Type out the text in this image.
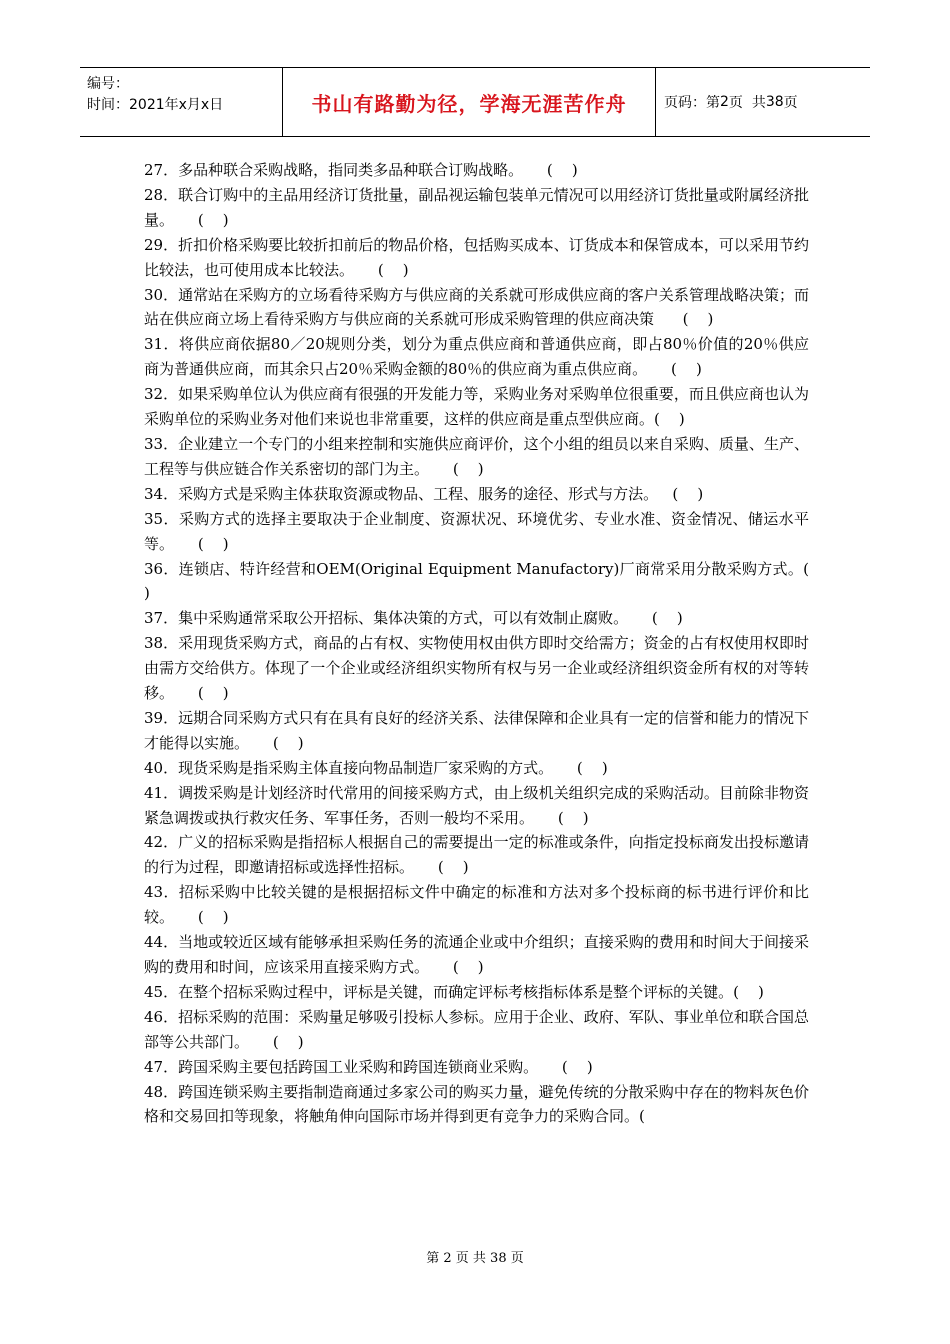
编号：
时间：2021年x月x日	书山有路勤为径，学海无涯苦作舟	页码：第 2 页  共 38 页
27．多品种联合采购战略，指同类多品种联合订购战略。     (    )
28．联合订购中的主品用经济订货批量，副品视运输包装单元情况可以用经济订货批量或附属经济批量。     (    )
29．折扣价格采购要比较折扣前后的物品价格，包括购买成本、订货成本和保管成本，可以采用节约比较法，也可使用成本比较法。     (    )
30．通常站在采购方的立场看待采购方与供应商的关系就可形成供应商的客户关系管理战略决策；而站在供应商立场上看待采购方与供应商的关系就可形成采购管理的供应商决策      (    )
31．将供应商依据80／20规则分类，划分为重点供应商和普通供应商，即占80％价值的20％供应商为普通供应商，而其余只占20％采购金额的80％的供应商为重点供应商。     (    )
32．如果采购单位认为供应商有很强的开发能力等，采购业务对采购单位很重要，而且供应商也认为采购单位的采购业务对他们来说也非常重要，这样的供应商是重点型供应商。(    )
33．企业建立一个专门的小组来控制和实施供应商评价，这个小组的组员以来自采购、质量、生产、工程等与供应链合作关系密切的部门为主。     (    )
34．采购方式是采购主体获取资源或物品、工程、服务的途径、形式与方法。   (    )
35．采购方式的选择主要取决于企业制度、资源状况、环境优劣、专业水准、资金情况、储运水平等。     (    )
36．连锁店、特许经营和OEM(Original Equipment Manufactory)厂商常采用分散采购方式。(    )
37．集中采购通常采取公开招标、集体决策的方式，可以有效制止腐败。     (    )
38．采用现货采购方式，商品的占有权、实物使用权由供方即时交给需方；资金的占有权使用权即时由需方交给供方。体现了一个企业或经济组织实物所有权与另一企业或经济组织资金所有权的对等转移。     (    )
39．远期合同采购方式只有在具有良好的经济关系、法律保障和企业具有一定的信誉和能力的情况下才能得以实施。     (    )
40．现货采购是指采购主体直接向物品制造厂家采购的方式。     (    )
41．调拨采购是计划经济时代常用的间接采购方式，由上级机关组织完成的采购活动。目前除非物资紧急调拨或执行救灾任务、军事任务，否则一般均不采用。     (    )
42．广义的招标采购是指招标人根据自己的需要提出一定的标准或条件，向指定投标商发出投标邀请的行为过程，即邀请招标或选择性招标。     (    )
43．招标采购中比较关键的是根据招标文件中确定的标准和方法对多个投标商的标书进行评价和比较。     (    )
44．当地或较近区域有能够承担采购任务的流通企业或中介组织；直接采购的费用和时间大于间接采购的费用和时间，应该采用直接采购方式。     (    )
45．在整个招标采购过程中，评标是关键，而确定评标考核指标体系是整个评标的关键。(    )
46．招标采购的范围：采购量足够吸引投标人参标。应用于企业、政府、军队、事业单位和联合国总部等公共部门。     (    )
47．跨国采购主要包括跨国工业采购和跨国连锁商业采购。     (    )
48．跨国连锁采购主要指制造商通过多家公司的购买力量，避免传统的分散采购中存在的物料灰色价格和交易回扣等现象，将触角伸向国际市场并得到更有竞争力的采购合同。(
第 2 页 共 38 页
